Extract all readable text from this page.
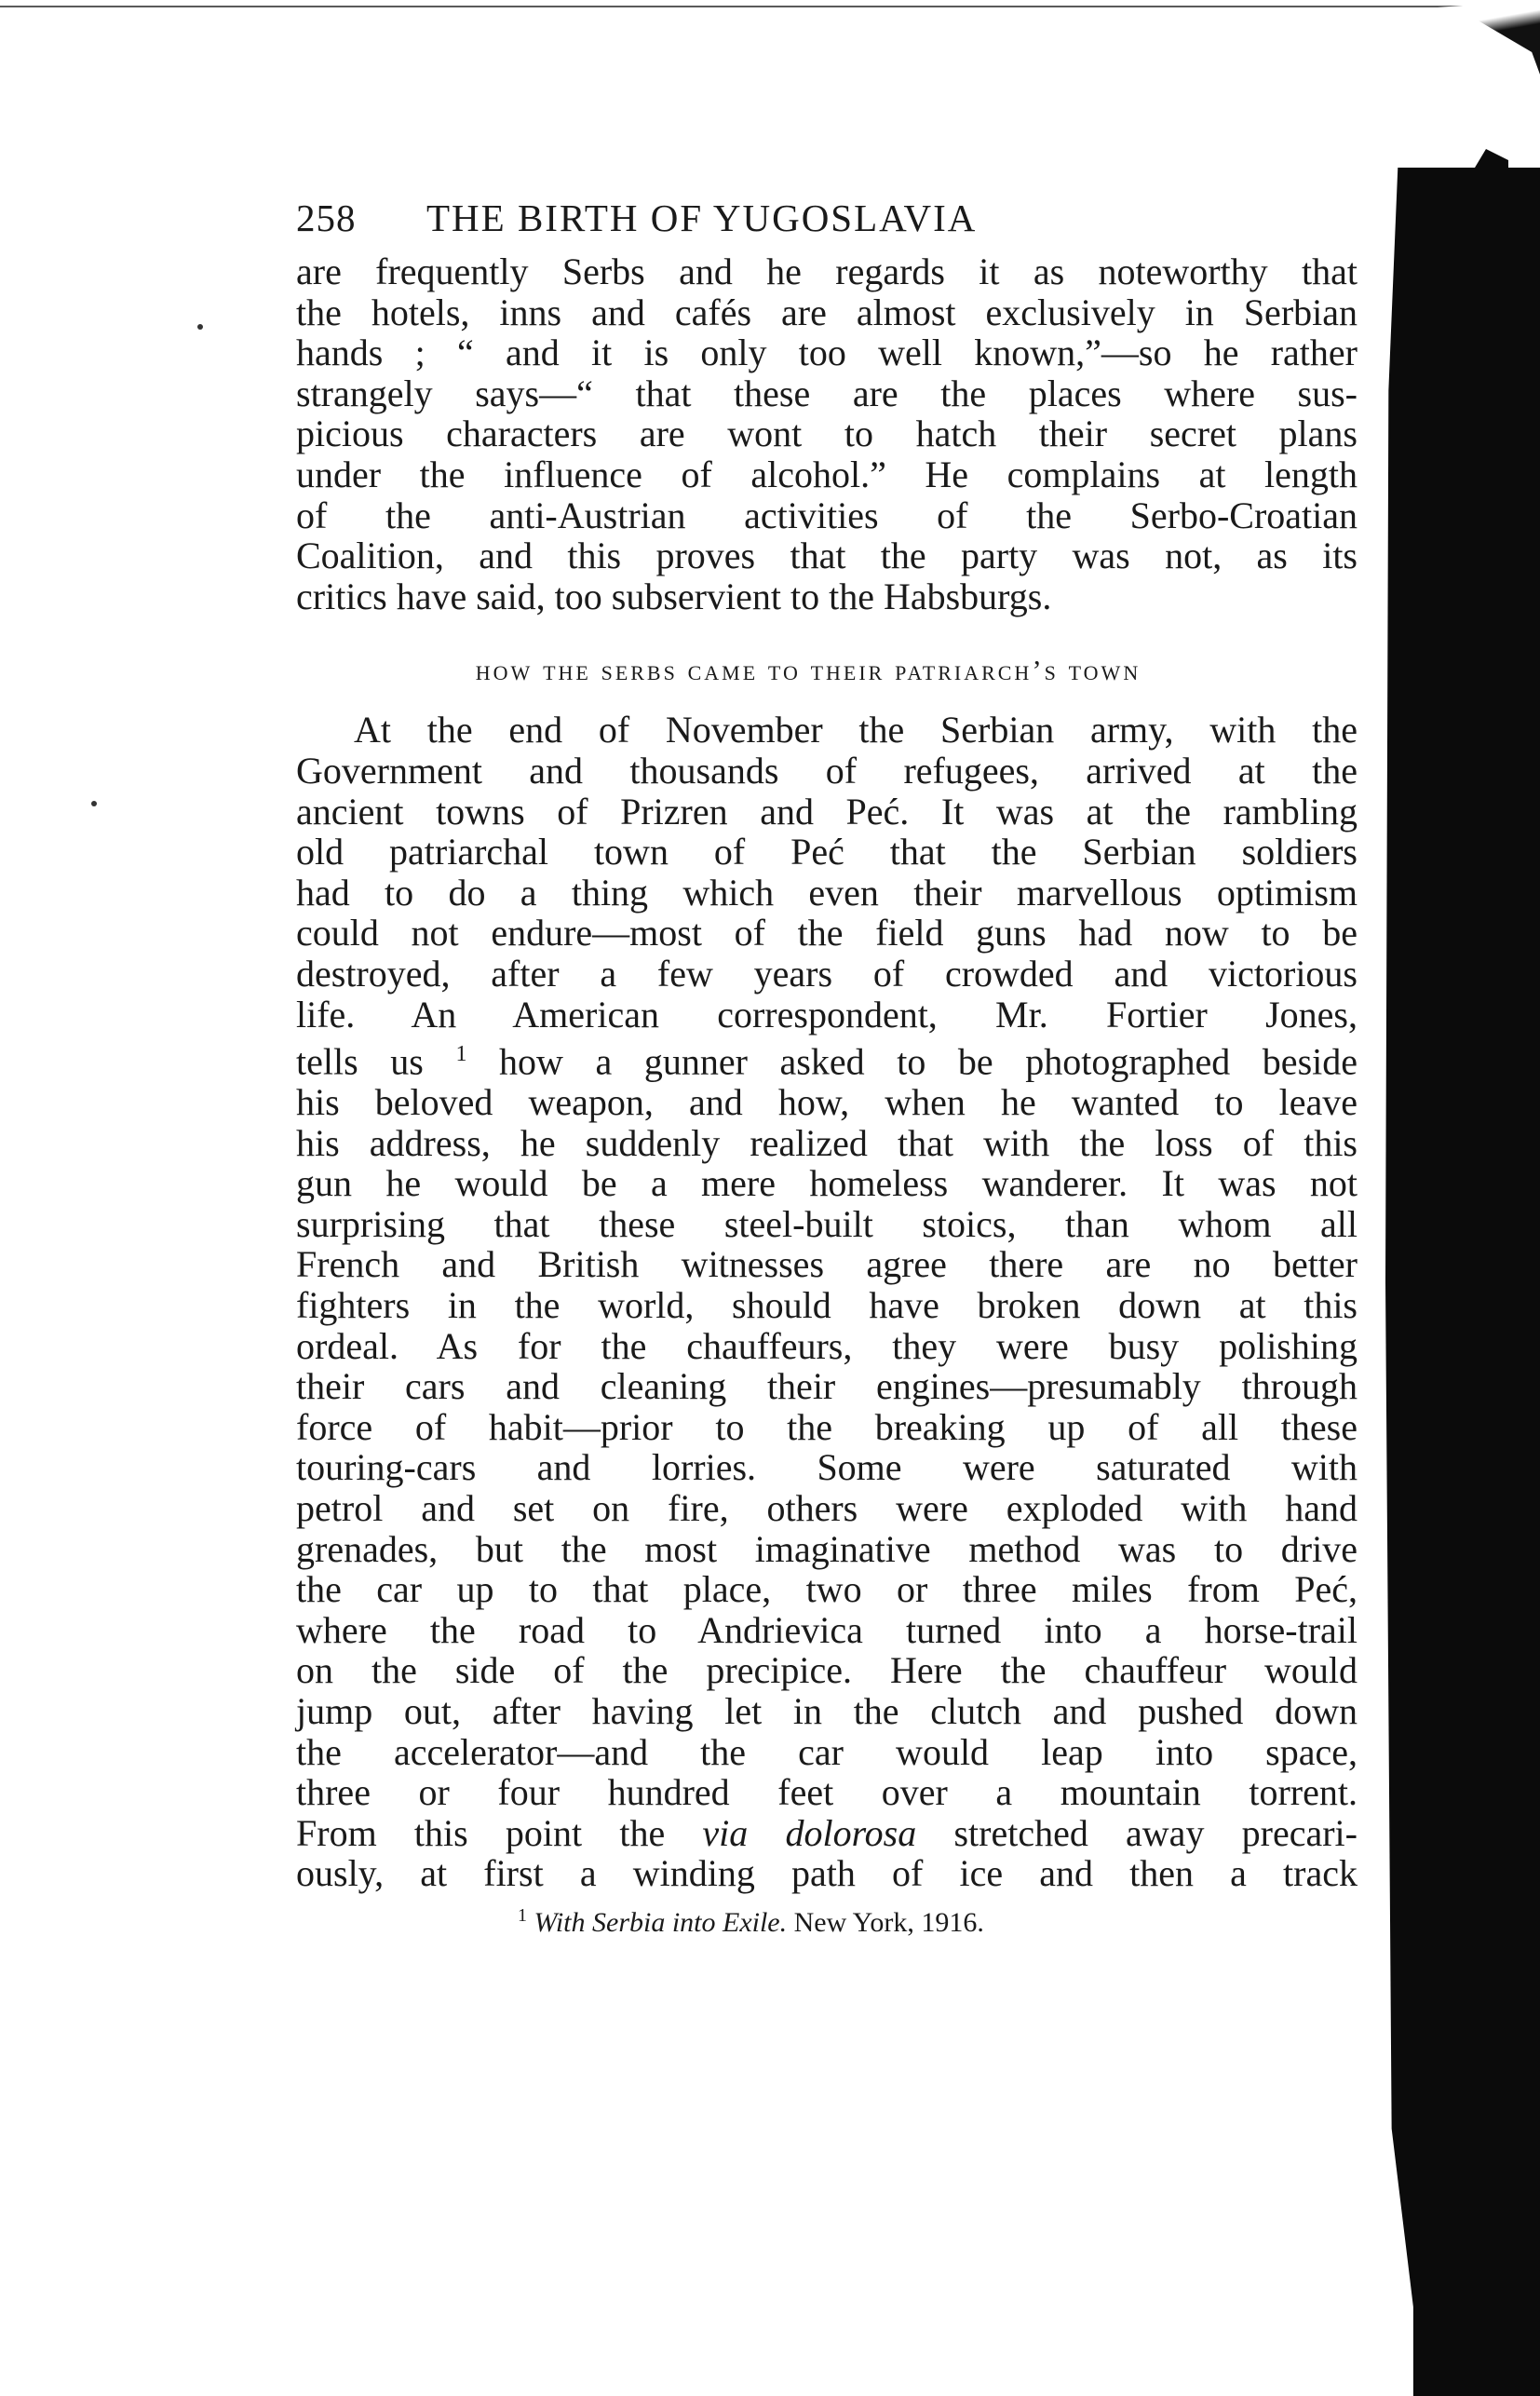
258	THE BIRTH OF YUGOSLAVIA

are frequently Serbs and he regards it as noteworthy that
the hotels, inns and cafés are almost exclusively in Serbian
hands ; “ and it is only too well known,”—so he rather
strangely says—“ that these are the places where sus-
picious characters are wont to hatch their secret plans
under the influence of alcohol.” He complains at length
of the anti-Austrian activities of the Serbo-Croatian
Coalition, and this proves that the party was not, as its
critics have said, too subservient to the Habsburgs.

how the serbs came to their patriarch’s town

At the end of November the Serbian army, with the
Government and thousands of refugees, arrived at the
ancient towns of Prizren and Peć. It was at the rambling
old patriarchal town of Peć that the Serbian soldiers
had to do a thing which even their marvellous optimism
could not endure—most of the field guns had now to be
destroyed, after a few years of crowded and victorious
life. An American correspondent, Mr. Fortier Jones,
tells us $^1$ how a gunner asked to be photographed beside
his beloved weapon, and how, when he wanted to leave
his address, he suddenly realized that with the loss of this
gun he would be a mere homeless wanderer. It was not
surprising that these steel-built stoics, than whom all
French and British witnesses agree there are no better
fighters in the world, should have broken down at this
ordeal. As for the chauffeurs, they were busy polishing
their cars and cleaning their engines—presumably through
force of habit—prior to the breaking up of all these
touring-cars and lorries. Some were saturated with
petrol and set on fire, others were exploded with hand
grenades, but the most imaginative method was to drive
the car up to that place, two or three miles from Peć,
where the road to Andrievica turned into a horse-trail
on the side of the precipice. Here the chauffeur would
jump out, after having let in the clutch and pushed down
the accelerator—and the car would leap into space,
three or four hundred feet over a mountain torrent.
From this point the via dolorosa stretched away precari-
ously, at first a winding path of ice and then a track

$^1$ With Serbia into Exile. New York, 1916.
